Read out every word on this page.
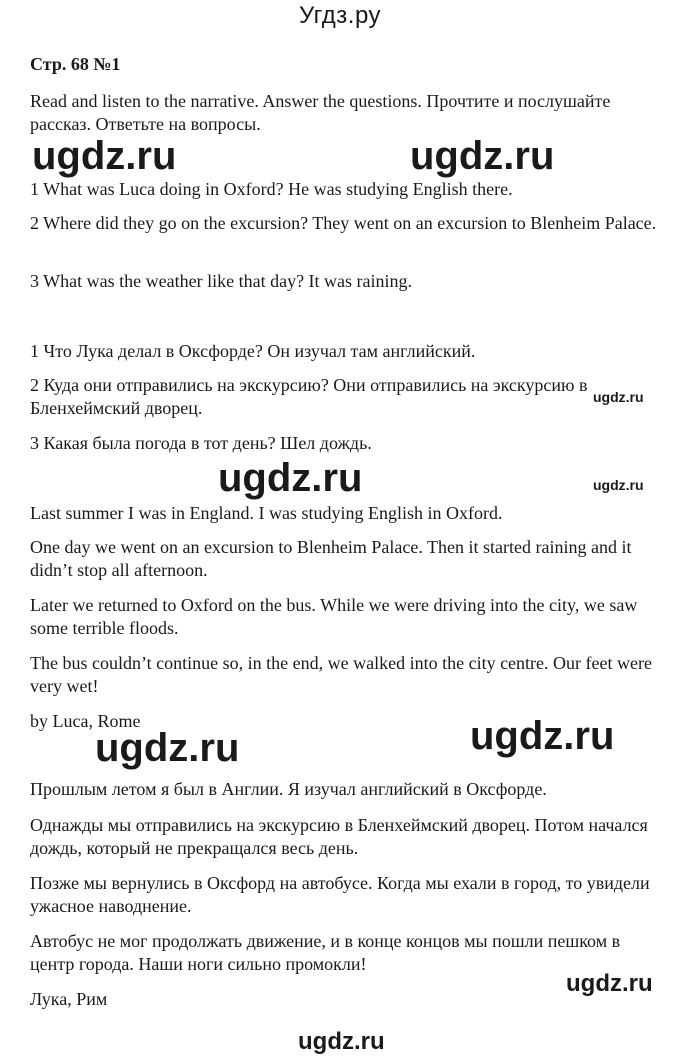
Угдз.ру
Стр. 68 №1

Read and listen to the narrative. Answer the questions. Прочтите и послушайте рассказ. Ответьте на вопросы.

ugdz.ru	ugdz.ru

1 What was Luca doing in Oxford? He was studying English there.

2 Where did they go on the excursion? They went on an excursion to Blenheim Palace.

3 What was the weather like that day? It was raining.

1 Что Лука делал в Оксфорде? Он изучал там английский.

2 Куда они отправились на экскурсию? Они отправились на экскурсию в Бленхеймский дворец.

ugdz.ru

3 Какая была погода в тот день? Шел дождь.

ugdz.ru	ugdz.ru

Last summer I was in England. I was studying English in Oxford.

One day we went on an excursion to Blenheim Palace. Then it started raining and it didn’t stop all afternoon.

Later we returned to Oxford on the bus. While we were driving into the city, we saw some terrible floods.

The bus couldn’t continue so, in the end, we walked into the city centre. Our feet were very wet!

by Luca, Rome	ugdz.ru
ugdz.ru

Прошлым летом я был в Англии. Я изучал английский в Оксфорде.

Однажды мы отправились на экскурсию в Бленхеймский дворец. Потом начался дождь, который не прекращался весь день.

Позже мы вернулись в Оксфорд на автобусе. Когда мы ехали в город, то увидели ужасное наводнение.

Автобус не мог продолжать движение, и в конце концов мы пошли пешком в центр города. Наши ноги сильно промокли!

ugdz.ru

Лука, Рим

ugdz.ru
